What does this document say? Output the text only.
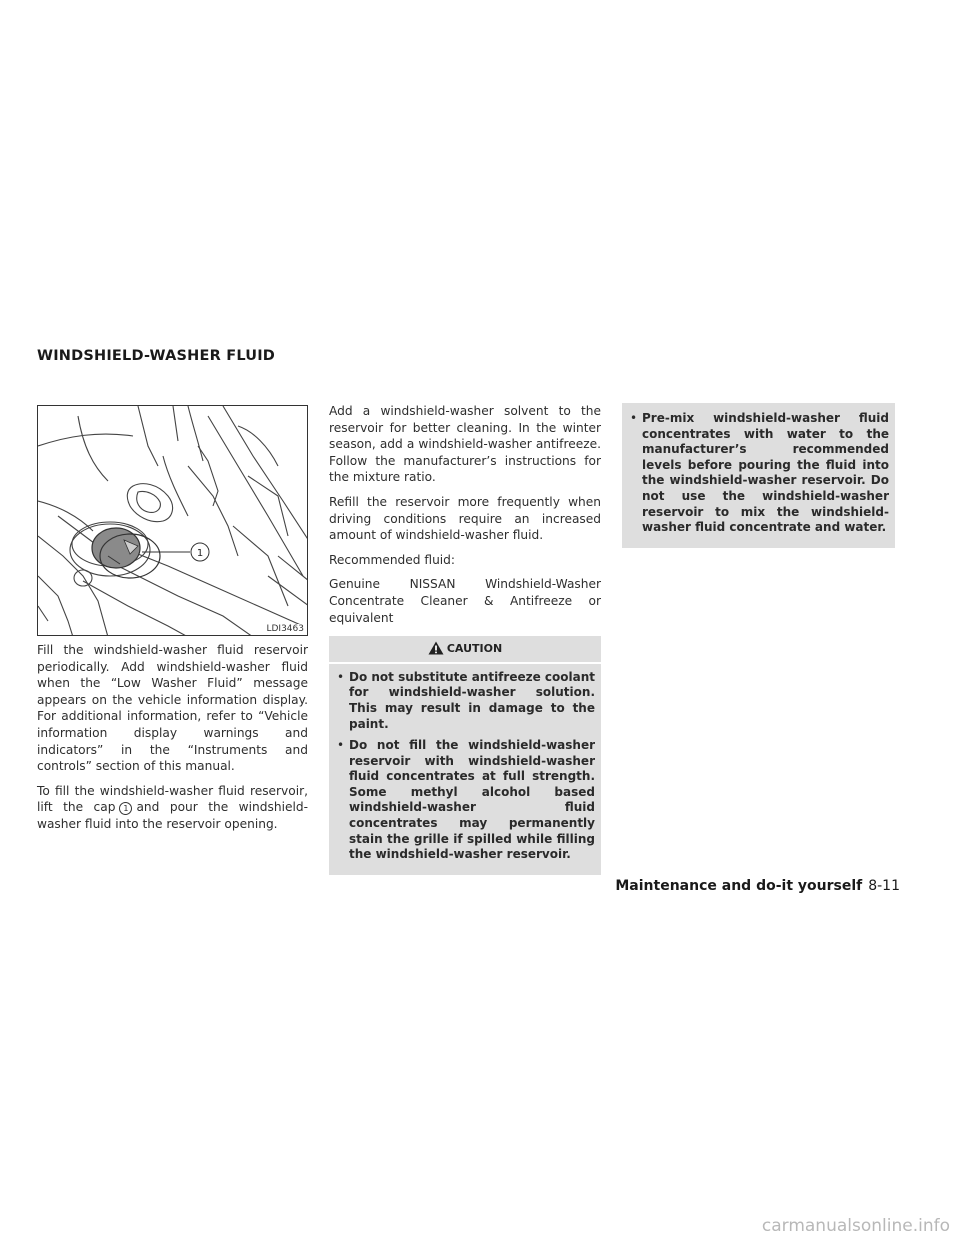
WINDSHIELD-WASHER FLUID
1
LDI3463

Fill the windshield-washer fluid reservoir periodically. Add windshield-washer fluid when the “Low Washer Fluid” message appears on the vehicle information display. For additional information, refer to “Vehicle information display warnings and indicators” in the “Instruments and controls” section of this manual.

To fill the windshield-washer fluid reservoir, lift the cap 1 and pour the windshield-washer fluid into the reservoir opening.

Add a windshield-washer solvent to the reservoir for better cleaning. In the winter season, add a windshield-washer antifreeze. Follow the manufacturer’s instructions for the mixture ratio.

Refill the reservoir more frequently when driving conditions require an increased amount of windshield-washer fluid.

Recommended fluid:

Genuine NISSAN Windshield-Washer Concentrate Cleaner & Antifreeze or equivalent

CAUTION
• Do not substitute antifreeze coolant for windshield-washer solution. This may result in damage to the paint.
• Do not fill the windshield-washer reservoir with windshield-washer fluid concentrates at full strength. Some methyl alcohol based windshield-washer fluid concentrates may permanently stain the grille if spilled while filling the windshield-washer reservoir.
• Pre-mix windshield-washer fluid concentrates with water to the manufacturer’s recommended levels before pouring the fluid into the windshield-washer reservoir. Do not use the windshield-washer reservoir to mix the windshield-washer fluid concentrate and water.
Maintenance and do-it yourself 8-11
carmanualsonline.info
